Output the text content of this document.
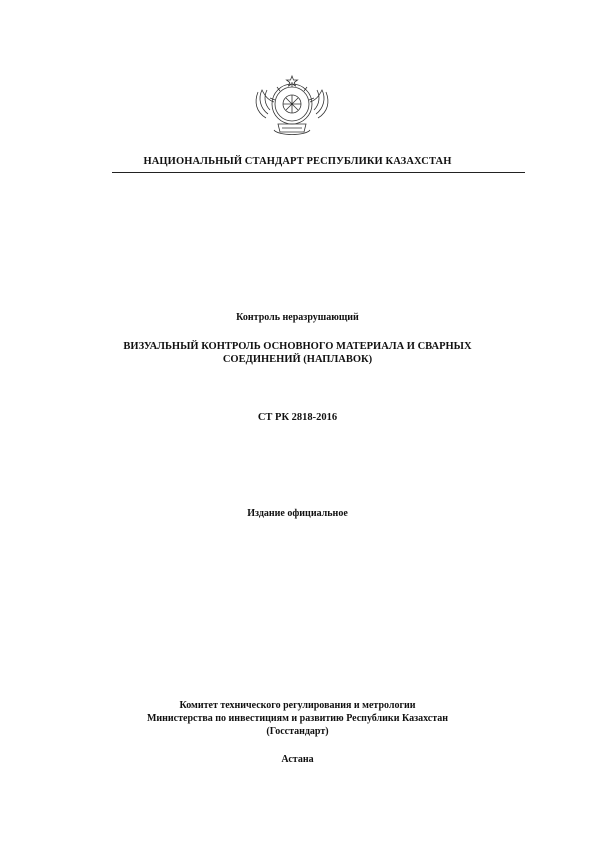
НАЦИОНАЛЬНЫЙ СТАНДАРТ РЕСПУБЛИКИ КАЗАХСТАН
Контроль неразрушающий
ВИЗУАЛЬНЫЙ КОНТРОЛЬ ОСНОВНОГО МАТЕРИАЛА И СВАРНЫХ
СОЕДИНЕНИЙ (НАПЛАВОК)
СТ РК 2818-2016
Издание официальное
Комитет технического регулирования и метрологии
Министерства по инвестициям и развитию Республики Казахстан
(Госстандарт)
Астана
